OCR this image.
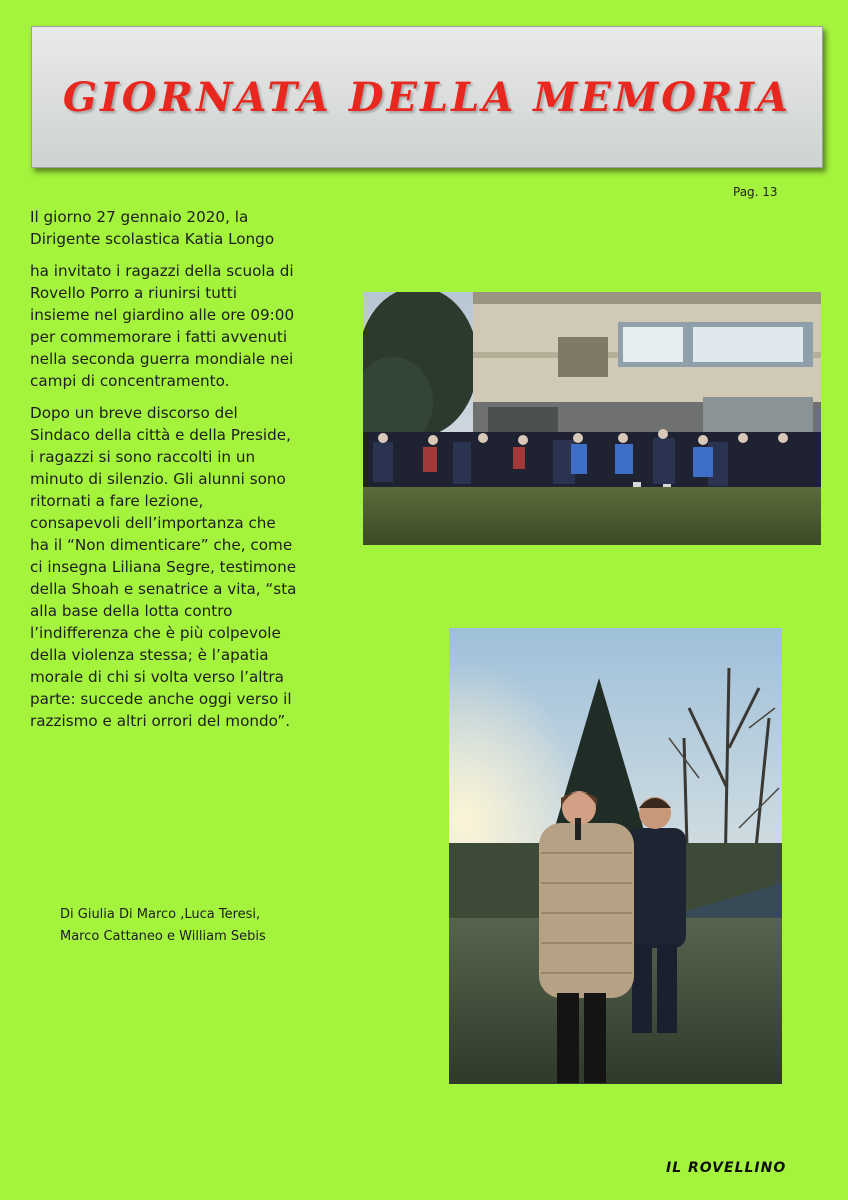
GIORNATA DELLA MEMORIA
Pag. 13

Il giorno 27 gennaio 2020, la Dirigente scolastica Katia Longo

ha invitato i ragazzi della scuola di Rovello Porro a riunirsi tutti insieme nel giardino alle ore 09:00 per commemorare i fatti avvenuti nella seconda guerra mondiale nei campi di concentramento.

Dopo un breve discorso del Sindaco della città e della Preside, i ragazzi si sono raccolti in un minuto di silenzio. Gli alunni sono ritornati a fare lezione, consapevoli dell’importanza che ha il “Non dimenticare” che, come ci insegna Liliana Segre, testimone della Shoah e senatrice a vita, “sta alla base della lotta contro l’indifferenza che è più colpevole della violenza stessa; è l’apatia morale di chi si volta verso l’altra parte: succede anche oggi verso il razzismo e altri orrori del mondo”.

Di Giulia Di Marco ,Luca Teresi,
Marco Cattaneo e William Sebis
IL ROVELLINO
